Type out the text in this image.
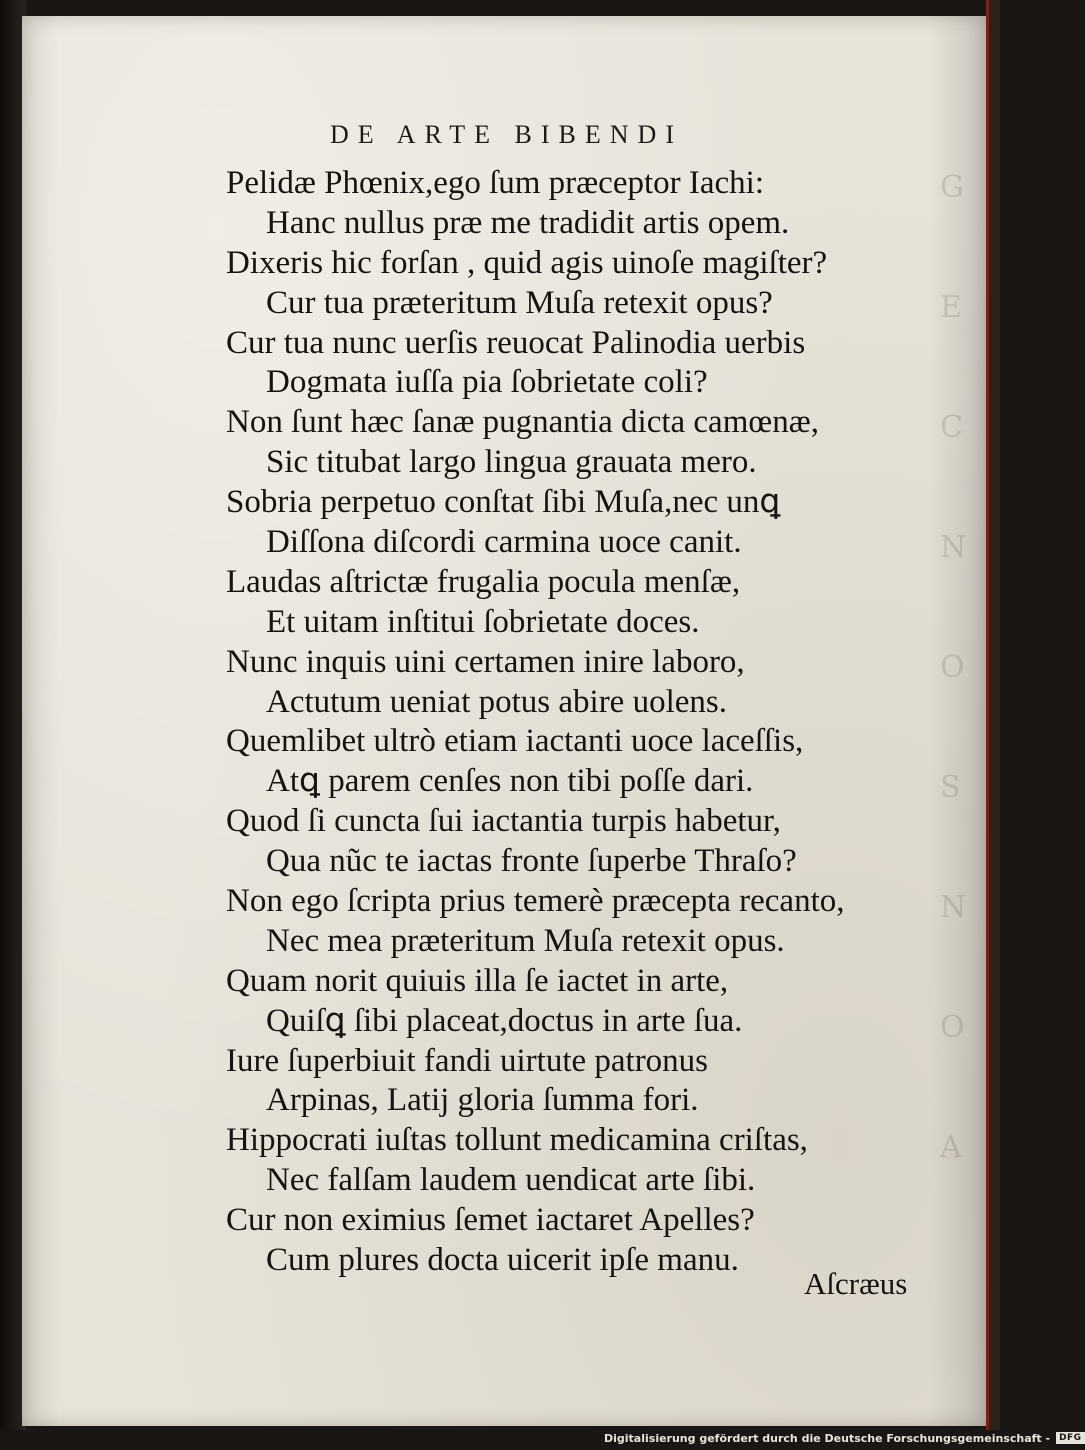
G
E
C
N
O
S
N
O
A
DE ARTE BIBENDI
Pelidæ Phœnix,ego ſum præceptor Iachi:
Hanc nullus præ me tradidit artis opem.
Dixeris hic forſan , quid agis uinoſe magiſter?
Cur tua præteritum Muſa retexit opus?
Cur tua nunc uerſis reuocat Palinodia uerbis
Dogmata iuſſa pia ſobrietate coli?
Non ſunt hæc ſanæ pugnantia dicta camœnæ,
Sic titubat largo lingua grauata mero.
Sobria perpetuo conſtat ſibi Muſa,nec unꝗ
Diſſona diſcordi carmina uoce canit.
Laudas aſtrictæ frugalia pocula menſæ,
Et uitam inſtitui ſobrietate doces.
Nunc inquis uini certamen inire laboro,
Actutum ueniat potus abire uolens.
Quemlibet ultrò etiam iactanti uoce laceſſis,
Atꝗ parem cenſes non tibi poſſe dari.
Quod ſi cuncta ſui iactantia turpis habetur,
Qua nũc te iactas fronte ſuperbe Thraſo?
Non ego ſcripta prius temerè præcepta recanto,
Nec mea præteritum Muſa retexit opus.
Quam norit quiuis illa ſe iactet in arte,
Quiſꝗ ſibi placeat,doctus in arte ſua.
Iure ſuperbiuit fandi uirtute patronus
Arpinas, Latij gloria ſumma fori.
Hippocrati iuſtas tollunt medicamina criſtas,
Nec falſam laudem uendicat arte ſibi.
Cur non eximius ſemet iactaret Apelles?
Cum plures docta uicerit ipſe manu.
Aſcræus
Digitalisierung gefördert durch die Deutsche Forschungsgemeinschaft -	DFG
